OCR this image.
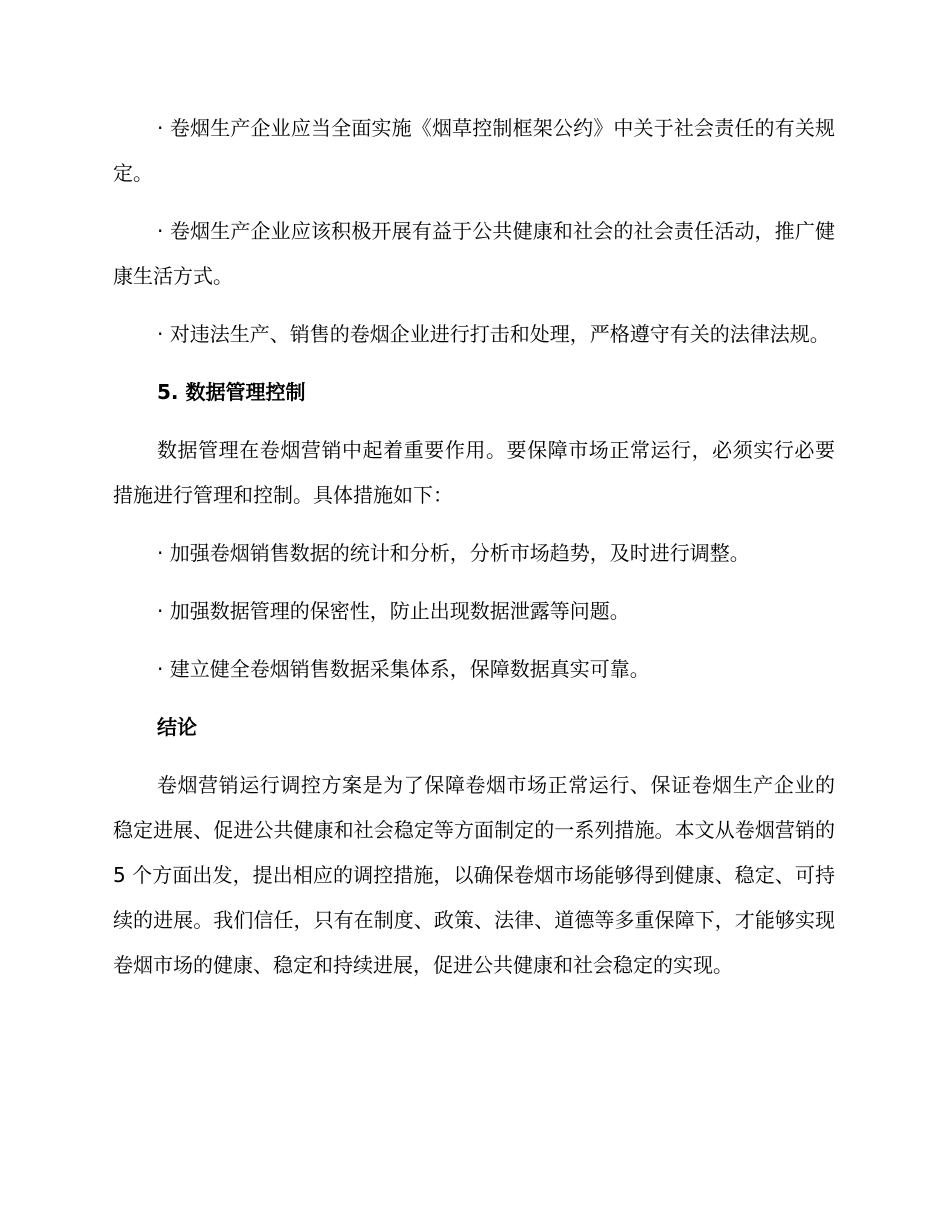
· 卷烟生产企业应当全面实施《烟草控制框架公约》中关于社会责任的有关规定。

· 卷烟生产企业应该积极开展有益于公共健康和社会的社会责任活动，推广健康生活方式。

· 对违法生产、销售的卷烟企业进行打击和处理，严格遵守有关的法律法规。

5. 数据管理控制

数据管理在卷烟营销中起着重要作用。要保障市场正常运行，必须实行必要措施进行管理和控制。具体措施如下：

· 加强卷烟销售数据的统计和分析，分析市场趋势，及时进行调整。

· 加强数据管理的保密性，防止出现数据泄露等问题。

· 建立健全卷烟销售数据采集体系，保障数据真实可靠。

结论

卷烟营销运行调控方案是为了保障卷烟市场正常运行、保证卷烟生产企业的稳定进展、促进公共健康和社会稳定等方面制定的一系列措施。本文从卷烟营销的 5 个方面出发，提出相应的调控措施，以确保卷烟市场能够得到健康、稳定、可持续的进展。我们信任，只有在制度、政策、法律、道德等多重保障下，才能够实现卷烟市场的健康、稳定和持续进展，促进公共健康和社会稳定的实现。
